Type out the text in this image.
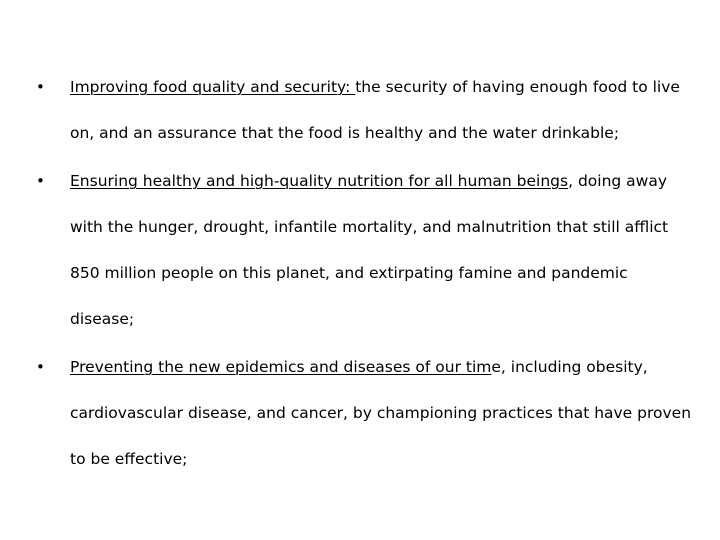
• Improving food quality and security: the security of having enough food to live on, and an assurance that the food is healthy and the water drinkable;
• Ensuring healthy and high-quality nutrition for all human beings, doing away with the hunger, drought, infantile mortality, and malnutrition that still afflict 850 million people on this planet, and extirpating famine and pandemic disease;
• Preventing the new epidemics and diseases of our time, including obesity, cardiovascular disease, and cancer, by championing practices that have proven to be effective;
